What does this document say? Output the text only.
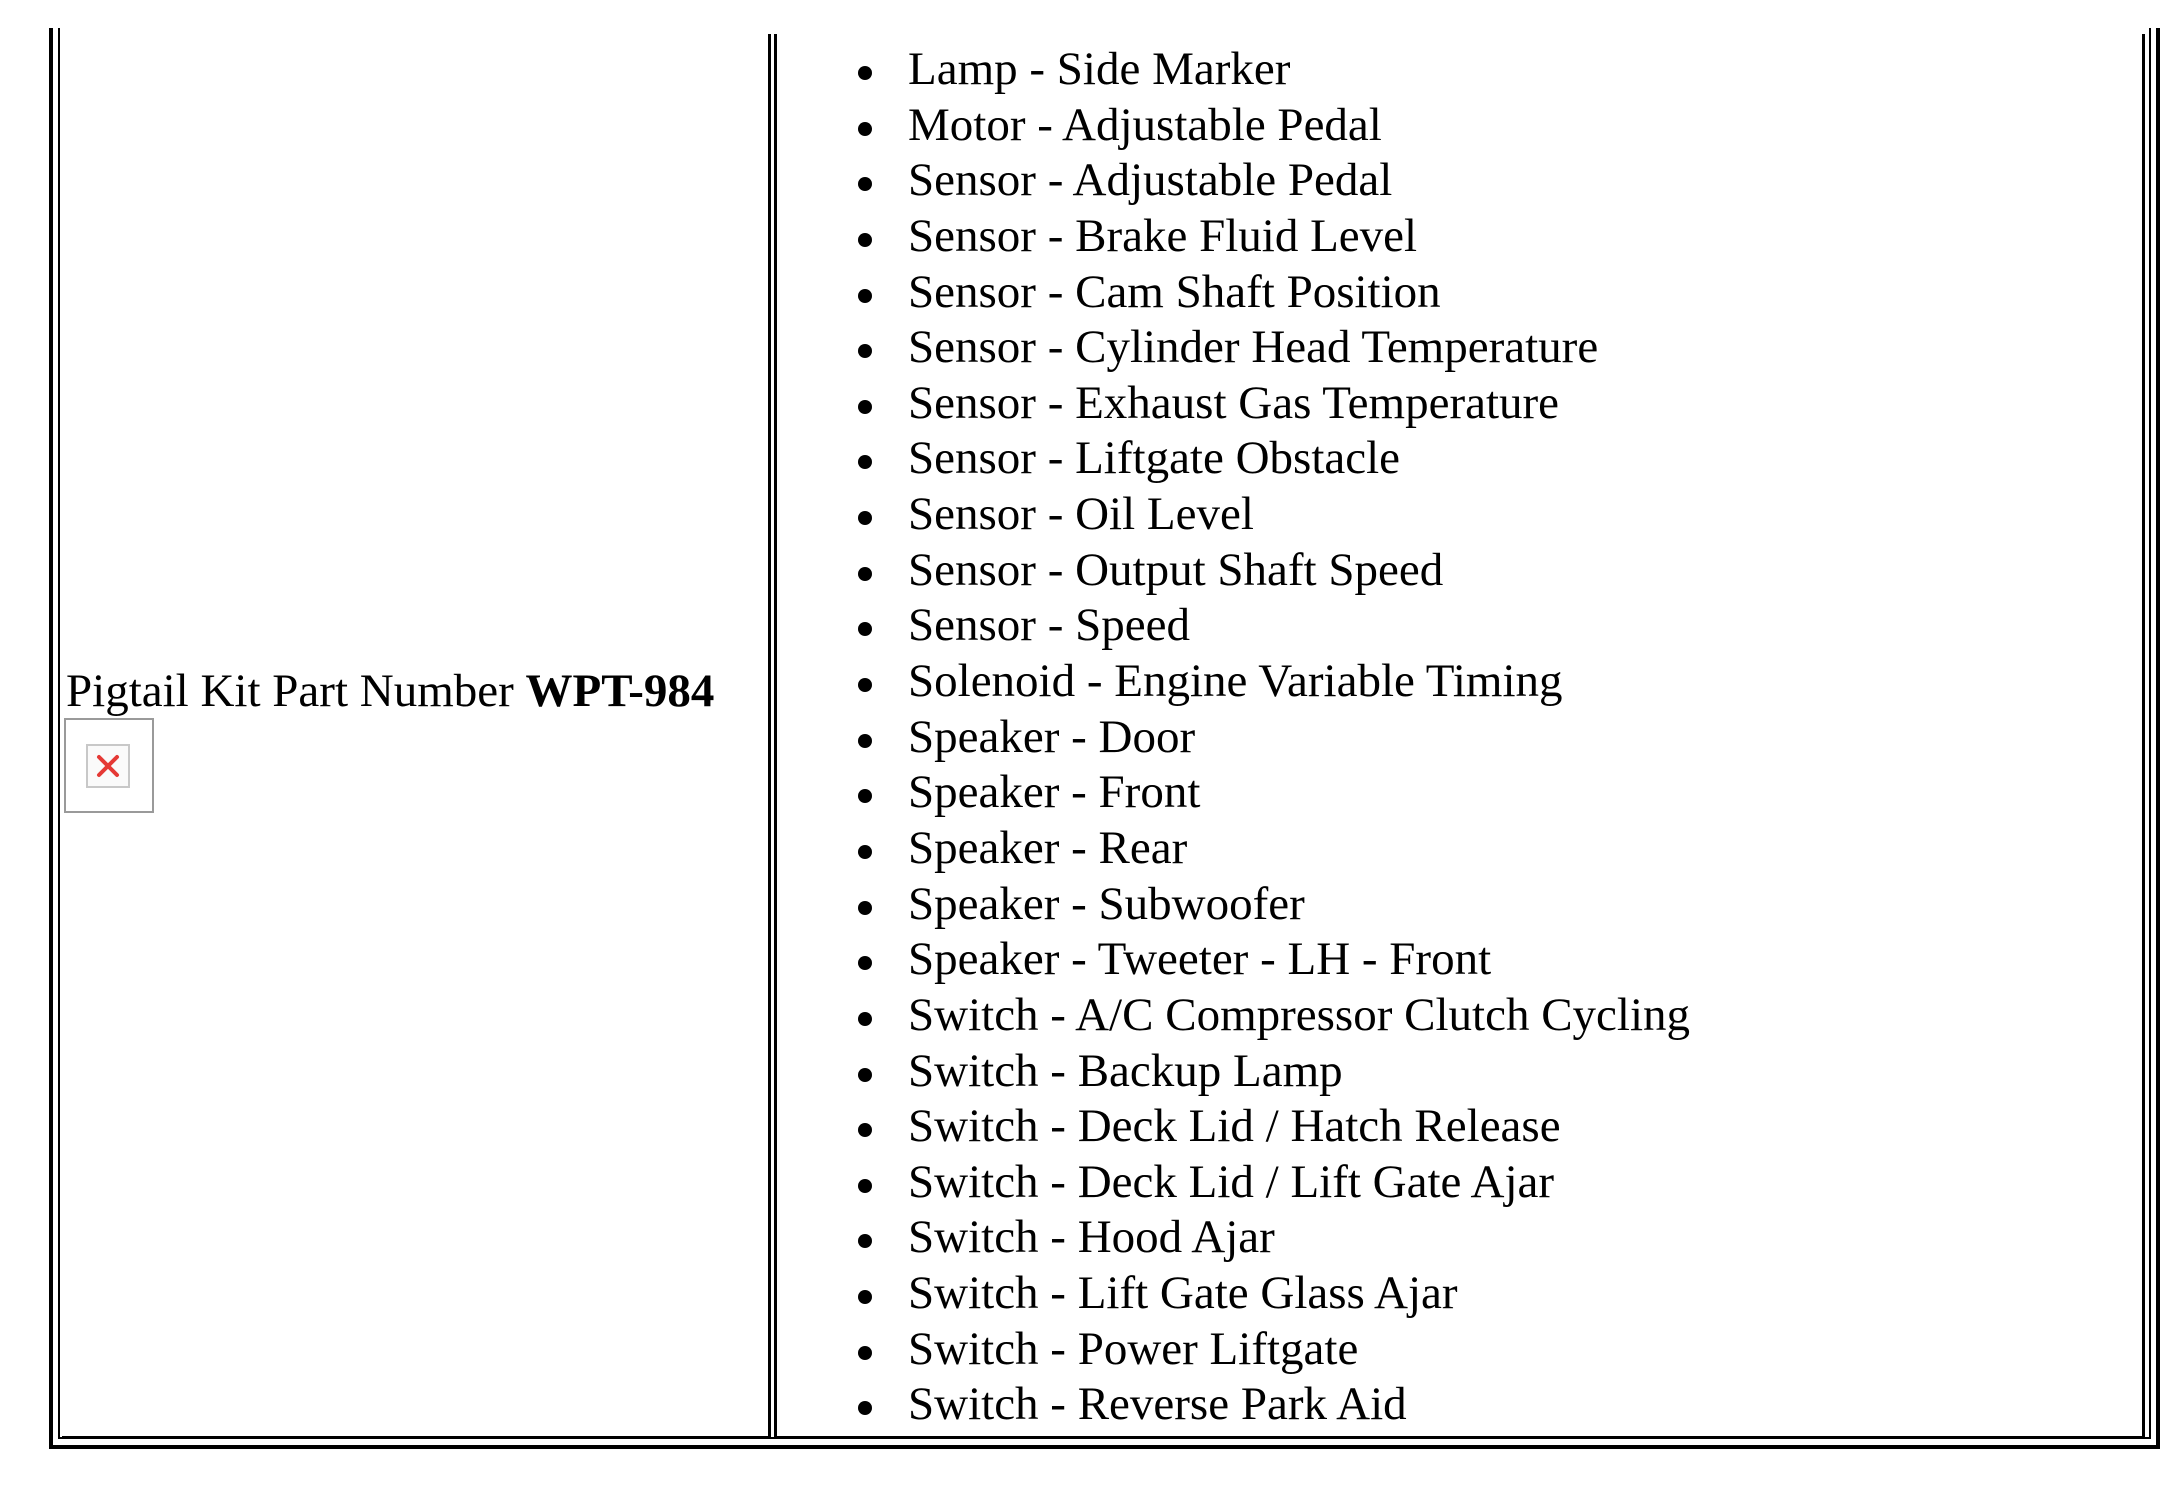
Pigtail Kit Part Number WPT-984
Lamp - Side Marker
Motor - Adjustable Pedal
Sensor - Adjustable Pedal
Sensor - Brake Fluid Level
Sensor - Cam Shaft Position
Sensor - Cylinder Head Temperature
Sensor - Exhaust Gas Temperature
Sensor - Liftgate Obstacle
Sensor - Oil Level
Sensor - Output Shaft Speed
Sensor - Speed
Solenoid - Engine Variable Timing
Speaker - Door
Speaker - Front
Speaker - Rear
Speaker - Subwoofer
Speaker - Tweeter - LH - Front
Switch - A/C Compressor Clutch Cycling
Switch - Backup Lamp
Switch - Deck Lid / Hatch Release
Switch - Deck Lid / Lift Gate Ajar
Switch - Hood Ajar
Switch - Lift Gate Glass Ajar
Switch - Power Liftgate
Switch - Reverse Park Aid
